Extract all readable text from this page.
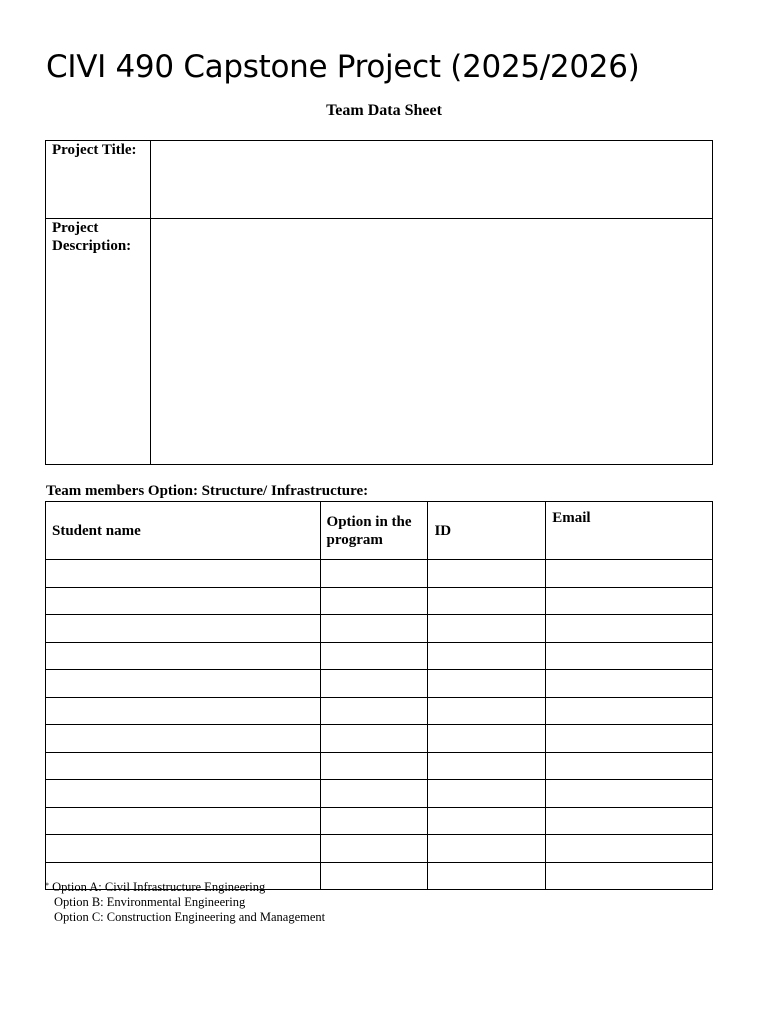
CIVI 490 Capstone Project (2025/2026)
Team Data Sheet
Project Title:	
Project Description:	
Team members Option: Structure/ Infrastructure:
Student name	Option in the program	ID	Email

* Option A: Civil Infrastructure Engineering
Option B: Environmental Engineering
Option C: Construction Engineering and Management
